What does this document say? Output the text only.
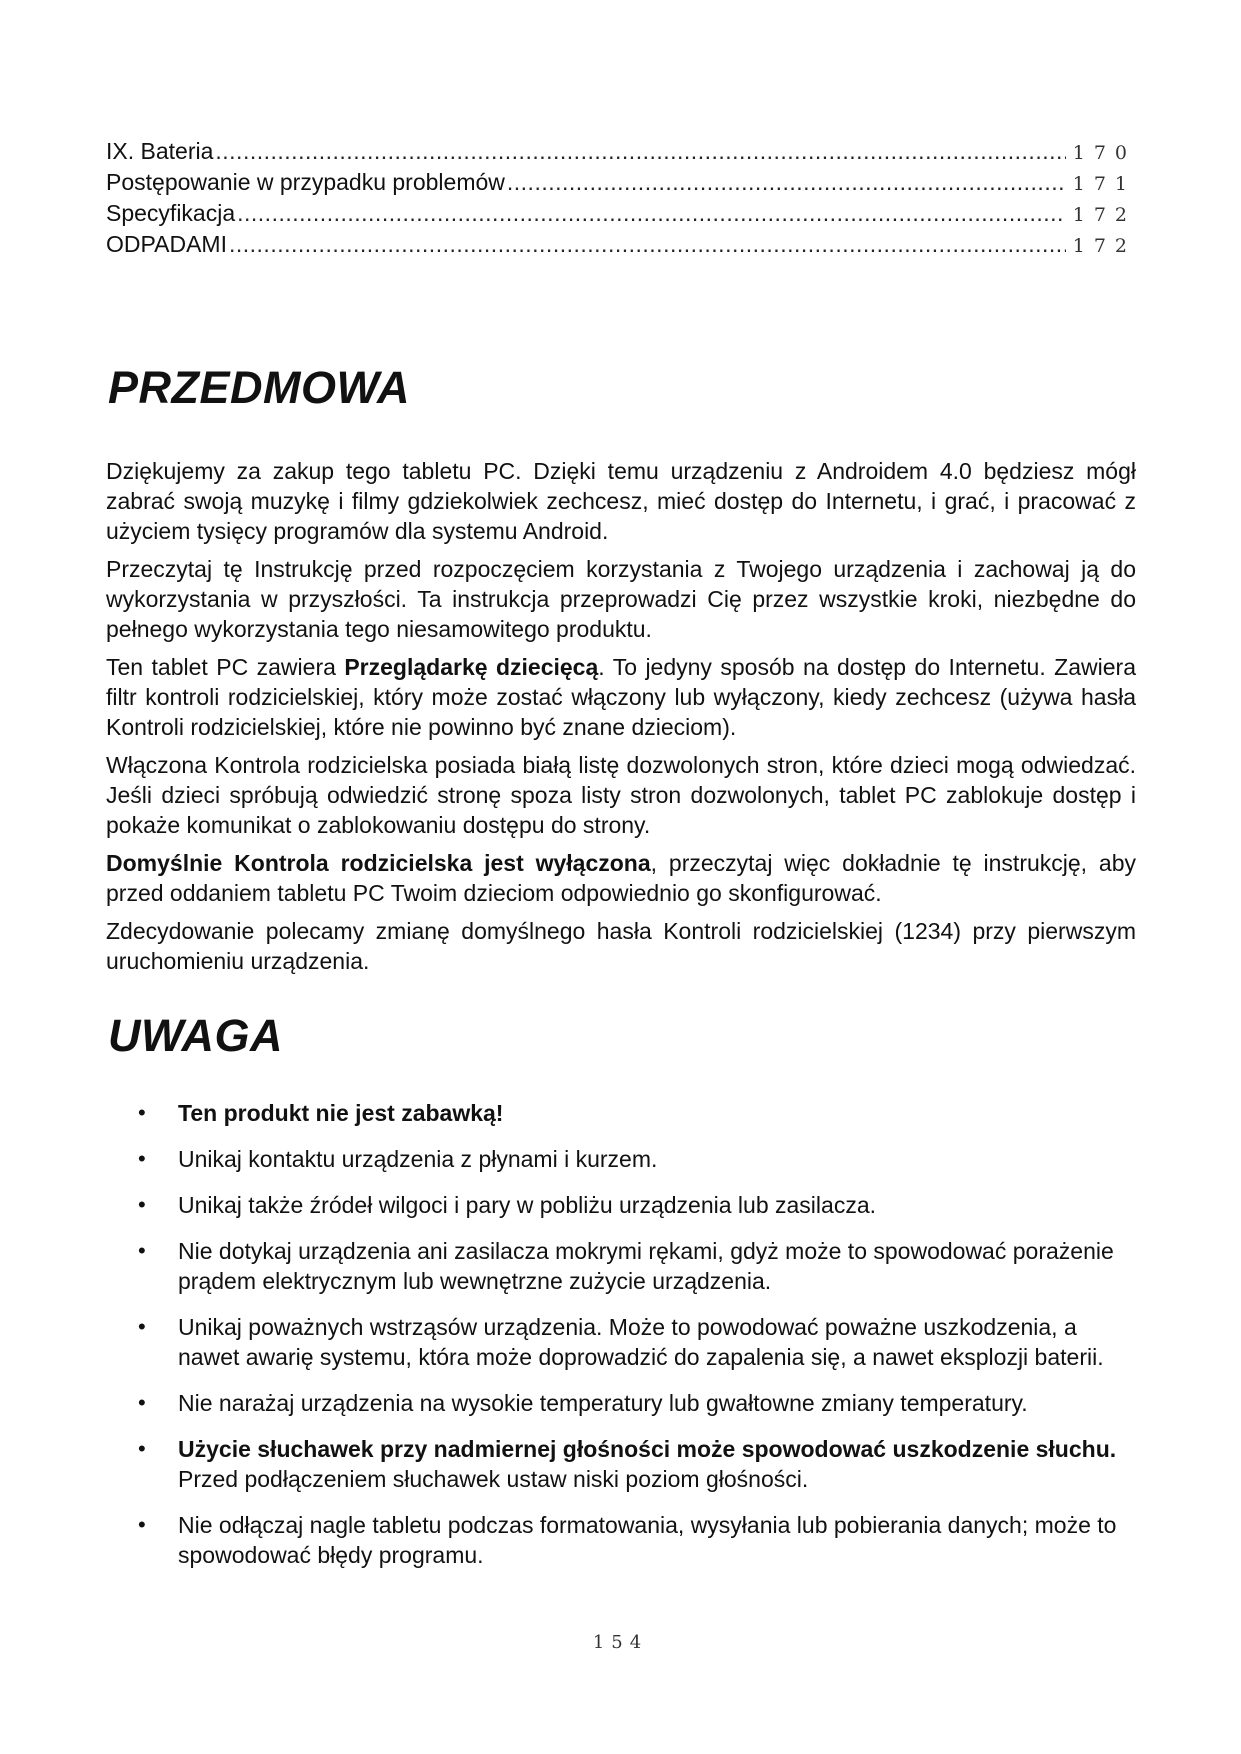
IX. Bateria .....	170
Postępowanie w przypadku problemów .....	171
Specyfikacja .....	172
ODPADAMI .....	172
PRZEDMOWA

Dziękujemy za zakup tego tabletu PC. Dzięki temu urządzeniu z Androidem 4.0 będziesz mógł zabrać swoją muzykę i filmy gdziekolwiek zechcesz, mieć dostęp do Internetu, i grać, i pracować z użyciem tysięcy programów dla systemu Android.

Przeczytaj tę Instrukcję przed rozpoczęciem korzystania z Twojego urządzenia i zachowaj ją do wykorzystania w przyszłości. Ta instrukcja przeprowadzi Cię przez wszystkie kroki, niezbędne do pełnego wykorzystania tego niesamowitego produktu.

Ten tablet PC zawiera Przeglądarkę dziecięcą. To jedyny sposób na dostęp do Internetu. Zawiera filtr kontroli rodzicielskiej, który może zostać włączony lub wyłączony, kiedy zechcesz (używa hasła Kontroli rodzicielskiej, które nie powinno być znane dzieciom).

Włączona Kontrola rodzicielska posiada białą listę dozwolonych stron, które dzieci mogą odwiedzać. Jeśli dzieci spróbują odwiedzić stronę spoza listy stron dozwolonych, tablet PC zablokuje dostęp i pokaże komunikat o zablokowaniu dostępu do strony.

Domyślnie Kontrola rodzicielska jest wyłączona, przeczytaj więc dokładnie tę instrukcję, aby przed oddaniem tabletu PC Twoim dzieciom odpowiednio go skonfigurować.

Zdecydowanie polecamy zmianę domyślnego hasła Kontroli rodzicielskiej (1234) przy pierwszym uruchomieniu urządzenia.

UWAGA
• Ten produkt nie jest zabawką!
• Unikaj kontaktu urządzenia z płynami i kurzem.
• Unikaj także źródeł wilgoci i pary w pobliżu urządzenia lub zasilacza.
• Nie dotykaj urządzenia ani zasilacza mokrymi rękami, gdyż może to spowodować porażenie prądem elektrycznym lub wewnętrzne zużycie urządzenia.
• Unikaj poważnych wstrząsów urządzenia. Może to powodować poważne uszkodzenia, a nawet awarię systemu, która może doprowadzić do zapalenia się, a nawet eksplozji baterii.
• Nie narażaj urządzenia na wysokie temperatury lub gwałtowne zmiany temperatury.
• Użycie słuchawek przy nadmiernej głośności może spowodować uszkodzenie słuchu. Przed podłączeniem słuchawek ustaw niski poziom głośności.
• Nie odłączaj nagle tabletu podczas formatowania, wysyłania lub pobierania danych; może to spowodować błędy programu.
154
